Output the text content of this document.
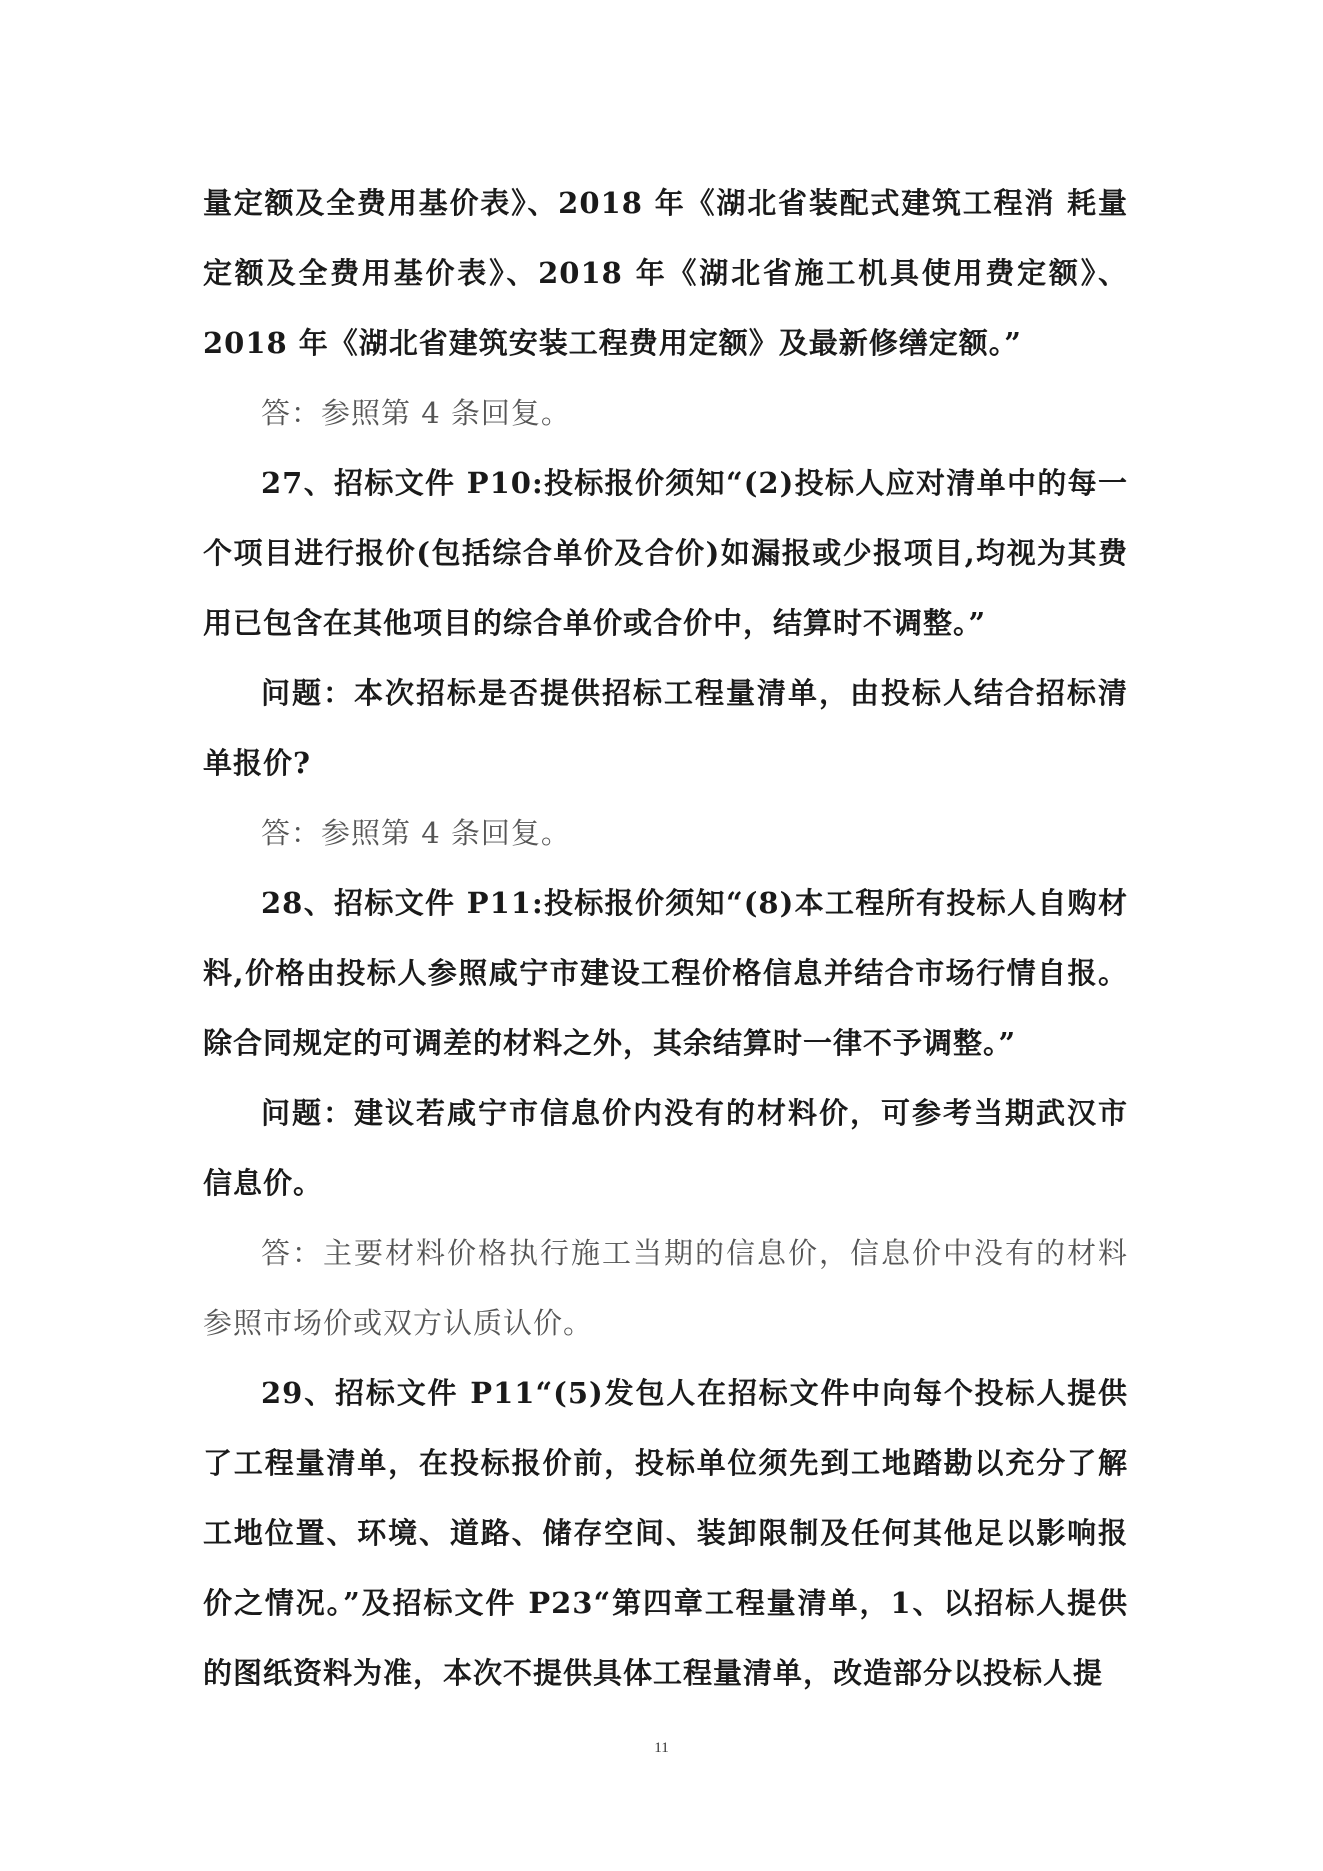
量定额及全费用基价表》、2018 年《湖北省装配式建筑工程消 耗量定额及全费用基价表》、2018 年《湖北省施工机具使用费定额》、2018 年《湖北省建筑安装工程费用定额》及最新修缮定额。”

答：参照第 4 条回复。

27、招标文件 P10:投标报价须知“(2)投标人应对清单中的每一个项目进行报价(包括综合单价及合价)如漏报或少报项目,均视为其费用已包含在其他项目的综合单价或合价中，结算时不调整。”

问题：本次招标是否提供招标工程量清单，由投标人结合招标清单报价?

答：参照第 4 条回复。

28、招标文件 P11:投标报价须知“(8)本工程所有投标人自购材料,价格由投标人参照咸宁市建设工程价格信息并结合市场行情自报。除合同规定的可调差的材料之外，其余结算时一律不予调整。”

问题：建议若咸宁市信息价内没有的材料价，可参考当期武汉市信息价。

答：主要材料价格执行施工当期的信息价，信息价中没有的材料参照市场价或双方认质认价。

29、招标文件 P11“(5)发包人在招标文件中向每个投标人提供了工程量清单，在投标报价前，投标单位须先到工地踏勘以充分了解工地位置、环境、道路、储存空间、装卸限制及任何其他足以影响报价之情况。”及招标文件 P23“第四章工程量清单，1、以招标人提供的图纸资料为准，本次不提供具体工程量清单，改造部分以投标人提

11
